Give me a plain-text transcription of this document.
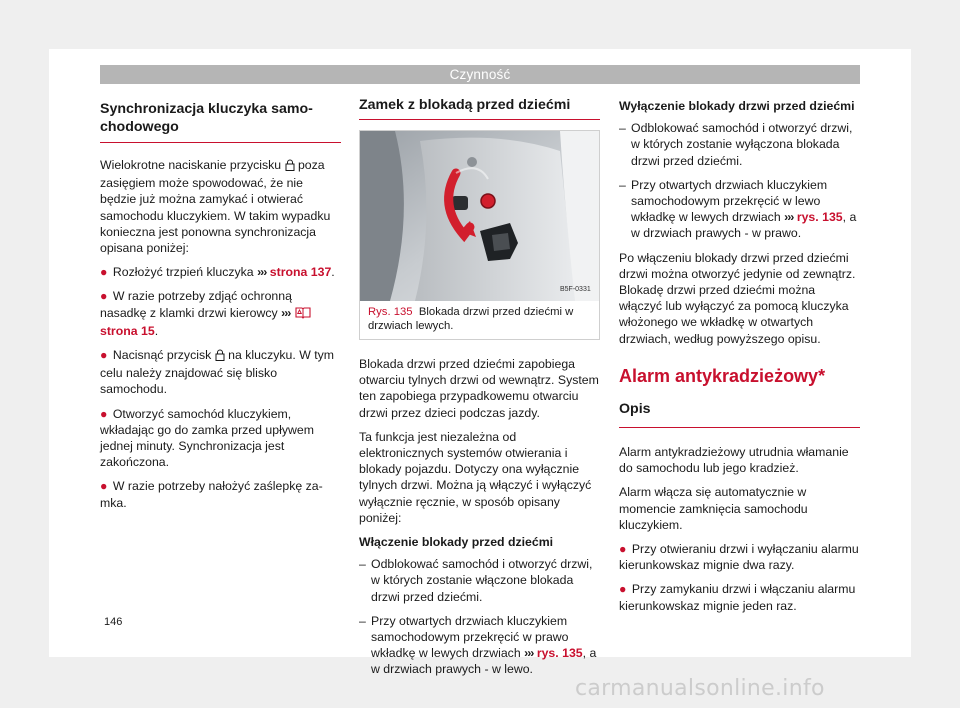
Czynność
Synchronizacja kluczyka samo-chodowego

Wielokrotne naciskanie przycisku poza zasięgiem może spowodować, że nie będzie już można zamykać i otwierać samochodu kluczykiem. W takim wypadku konieczna jest ponowna synchronizacja opisana poniżej:

● Rozłożyć trzpień kluczyka ››› strona 137.
● W razie potrzeby zdjąć ochronną nasadkę z klamki drzwi kierowcy ›››  strona 15.
● Nacisnąć przycisk na kluczyku. W tym celu należy znajdować się blisko samochodu.
● Otworzyć samochód kluczykiem, wkładając go do zamka przed upływem jednej minuty. Synchronizacja jest zakończona.
● W razie potrzeby nałożyć zaślepkę za-mka.
Zamek z blokadą przed dziećmi
B5F-0331
Rys. 135 Blokada drzwi przed dziećmi w drzwiach lewych.

Blokada drzwi przed dziećmi zapobiega otwarciu tylnych drzwi od wewnątrz. System ten zapobiega przypadkowemu otwarciu drzwi przez dzieci podczas jazdy.

Ta funkcja jest niezależna od elektronicznych systemów otwierania i blokady pojazdu. Dotyczy ona wyłącznie tylnych drzwi. Można ją włączyć i wyłączyć wyłącznie ręcznie, w sposób opisany poniżej:

Włączenie blokady przed dziećmi
– Odblokować samochód i otworzyć drzwi, w których zostanie włączone blokada drzwi przed dziećmi.
– Przy otwartych drzwiach kluczykiem samochodowym przekręcić w prawo wkładkę w lewych drzwiach ››› rys. 135, a w drzwiach prawych - w lewo.
Wyłączenie blokady drzwi przed dziećmi
– Odblokować samochód i otworzyć drzwi, w których zostanie wyłączona blokada drzwi przed dziećmi.
– Przy otwartych drzwiach kluczykiem samochodowym przekręcić w lewo wkładkę w lewych drzwiach ››› rys. 135, a w drzwiach prawych - w prawo.

Po włączeniu blokady drzwi przed dziećmi drzwi można otworzyć jedynie od zewnątrz. Blokadę drzwi przed dziećmi można włączyć lub wyłączyć za pomocą kluczyka włożonego we wkładkę w otwartych drzwiach, według powyższego opisu.

Alarm antykradzieżowy*
Opis

Alarm antykradzieżowy utrudnia włamanie do samochodu lub jego kradzież.

Alarm włącza się automatycznie w momencie zamknięcia samochodu kluczykiem.

● Przy otwieraniu drzwi i wyłączaniu alarmu kierunkowskaz mignie dwa razy.
● Przy zamykaniu drzwi i włączaniu alarmu kierunkowskaz mignie jeden raz.
146
carmanualsonline.info
